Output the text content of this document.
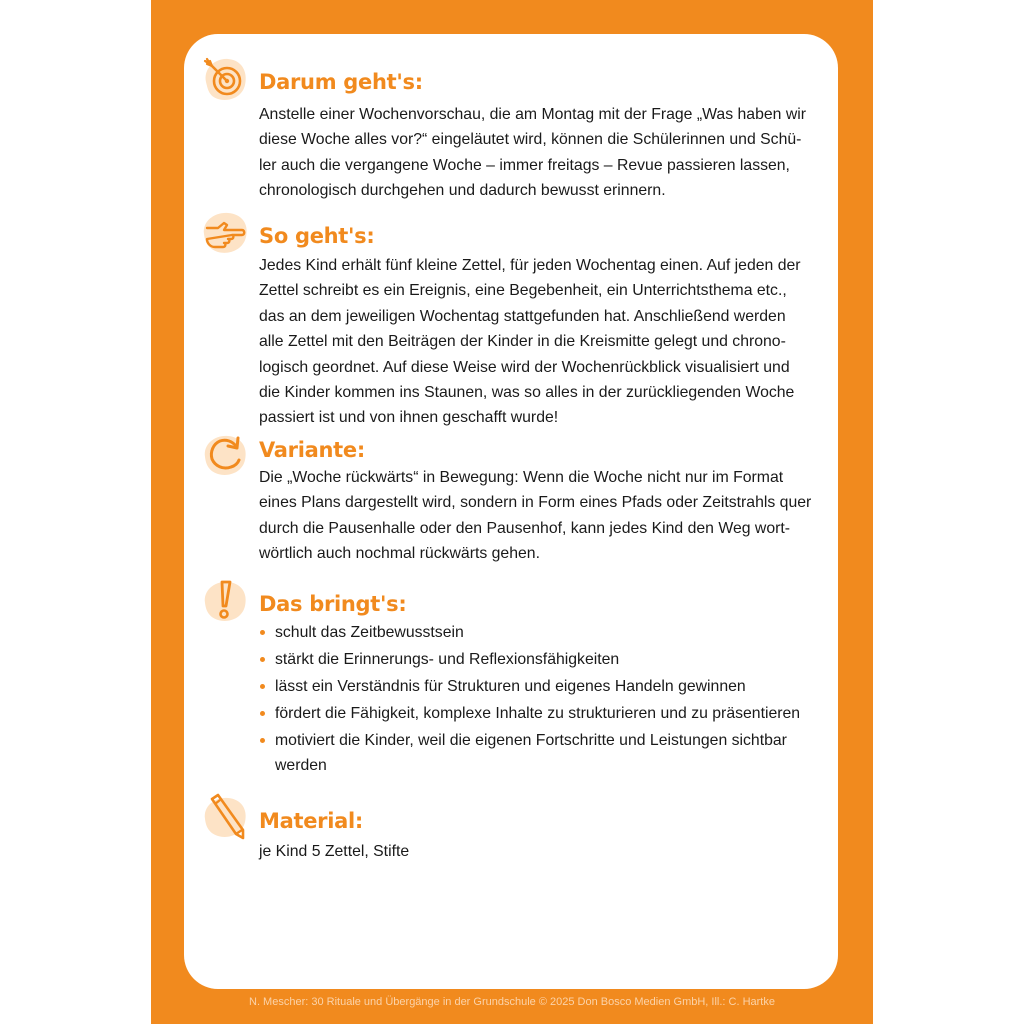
Darum geht's:

Anstelle einer Wochenvorschau, die am Montag mit der Frage „Was haben wir
diese Woche alles vor?“ eingeläutet wird, können die Schülerinnen und Schü-
ler auch die vergangene Woche – immer freitags – Revue passieren lassen,
chronologisch durchgehen und dadurch bewusst erinnern.

So geht's:

Jedes Kind erhält fünf kleine Zettel, für jeden Wochentag einen. Auf jeden der
Zettel schreibt es ein Ereignis, eine Begebenheit, ein Unterrichtsthema etc.,
das an dem jeweiligen Wochentag stattgefunden hat. Anschließend werden
alle Zettel mit den Beiträgen der Kinder in die Kreismitte gelegt und chrono-
logisch geordnet. Auf diese Weise wird der Wochenrückblick visualisiert und
die Kinder kommen ins Staunen, was so alles in der zurückliegenden Woche
passiert ist und von ihnen geschafft wurde!

Variante:

Die „Woche rückwärts“ in Bewegung: Wenn die Woche nicht nur im Format
eines Plans dargestellt wird, sondern in Form eines Pfads oder Zeitstrahls quer
durch die Pausenhalle oder den Pausenhof, kann jedes Kind den Weg wort-
wörtlich auch nochmal rückwärts gehen.

Das bringt's:
schult das Zeitbewusstsein
stärkt die Erinnerungs- und Reflexionsfähigkeiten
lässt ein Verständnis für Strukturen und eigenes Handeln gewinnen
fördert die Fähigkeit, komplexe Inhalte zu strukturieren und zu präsentieren
motiviert die Kinder, weil die eigenen Fortschritte und Leistungen sichtbar werden
Material:

je Kind 5 Zettel, Stifte

N. Mescher: 30 Rituale und Übergänge in der Grundschule © 2025 Don Bosco Medien GmbH, Ill.: C. Hartke
